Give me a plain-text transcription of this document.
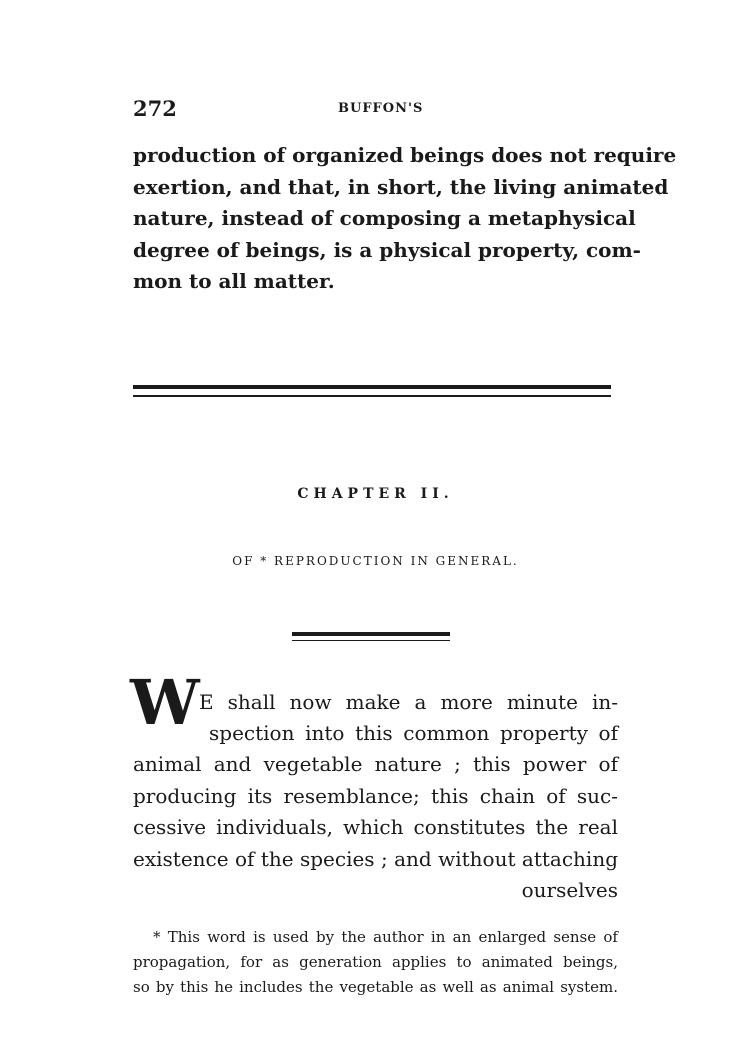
272	BUFFON'S
production of organized beings does not require
exertion, and that, in short, the living animated
nature, instead of composing a metaphysical
degree of beings, is a physical property, com-
mon to all matter.
CHAPTER II.
OF * REPRODUCTION IN GENERAL.
W E shall now make a more minute in-
spection into this common property of
animal and vegetable nature ; this power of
producing its resemblance; this chain of suc-
cessive individuals, which constitutes the real
existence of the species ; and without attaching
ourselves
* This word is used by the author in an enlarged sense of
propagation, for as generation applies to animated beings,
so by this he includes the vegetable as well as animal system.
